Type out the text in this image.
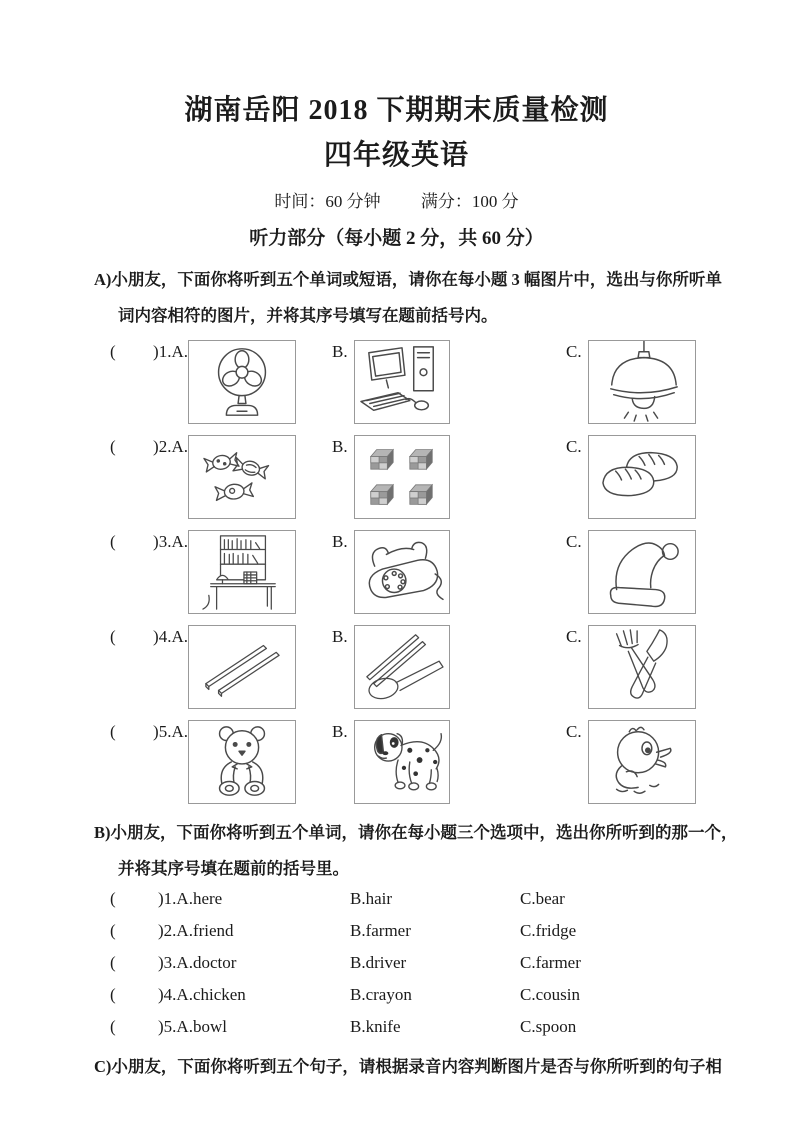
湖南岳阳 2018 下期期末质量检测
四年级英语
时间：60 分钟 满分：100 分
听力部分（每小题 2 分，共 60 分）
A)小朋友，下面你将听到五个单词或短语，请你在每小题 3 幅图片中，选出与你所听单
词内容相符的图片，并将其序号填写在题前括号内。
( )1.A.	B.	C.
( )2.A.	B.	C.
( )3.A.	B.	C.
( )4.A.	B.	C.
( )5.A.	B.	C.
B)小朋友，下面你将听到五个单词，请你在每小题三个选项中，选出你所听到的那一个，
并将其序号填在题前的括号里。
(	)1.A.here	B.hair	C.bear
(	)2.A.friend	B.farmer	C.fridge
(	)3.A.doctor	B.driver	C.farmer
(	)4.A.chicken	B.crayon	C.cousin
(	)5.A.bowl	B.knife	C.spoon
C)小朋友，下面你将听到五个句子，请根据录音内容判断图片是否与你所听到的句子相
